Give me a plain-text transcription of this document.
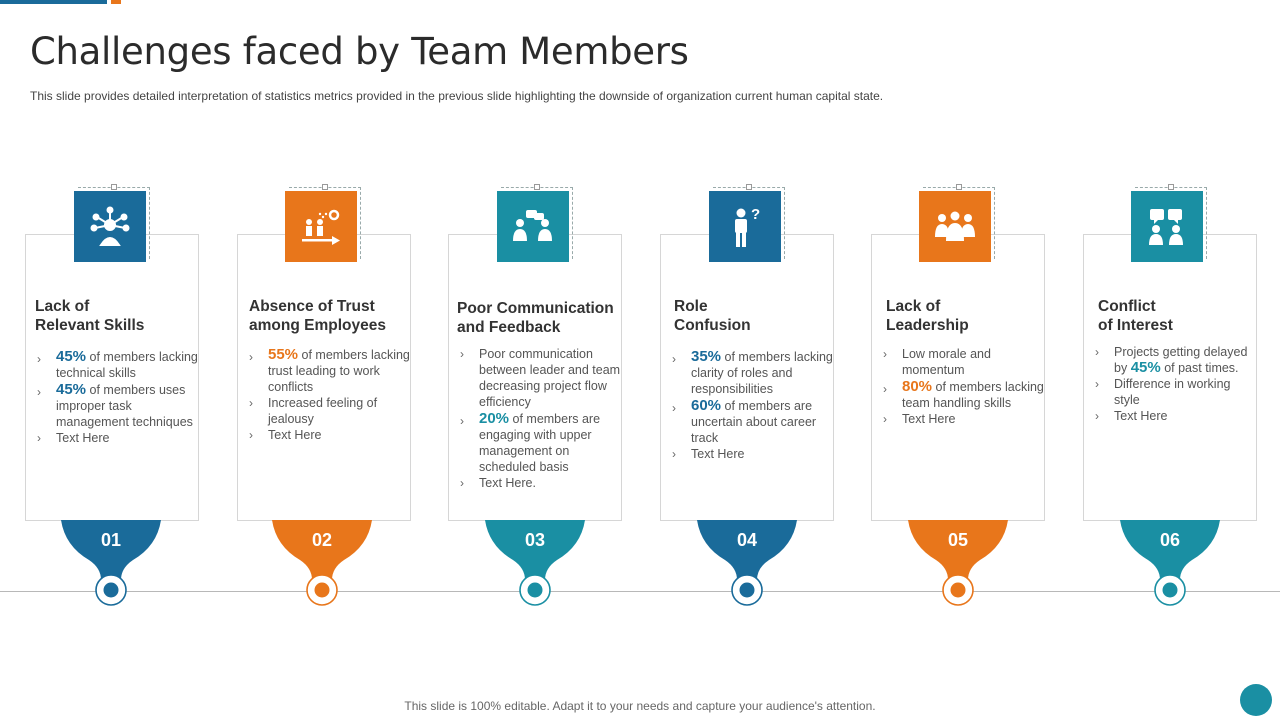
Challenges faced by Team Members

This slide provides detailed interpretation of statistics metrics provided in the previous slide highlighting the downside of organization current human capital state.

Lack of
Relevant Skills
› 45% of members lacking technical skills
› 45% of members uses improper task management techniques
› Text Here
01
Absence of Trust
among Employees
› 55% of members lacking trust leading to work conflicts
› Increased feeling of jealousy
› Text Here
02
Poor Communication
and Feedback
› Poor communication between leader and team decreasing project flow efficiency
› 20% of members are engaging with upper management on scheduled basis
› Text Here.
03
Role
Confusion
› 35% of members lacking clarity of roles and responsibilities
› 60% of members are uncertain about career track
› Text Here
?
04
Lack of
Leadership
› Low morale and momentum
› 80% of members lacking team handling skills
› Text Here
05
Conflict
of Interest
› Projects getting delayed by 45% of past times.
› Difference in working style
› Text Here
06
This slide is 100% editable. Adapt it to your needs and capture your audience's attention.
